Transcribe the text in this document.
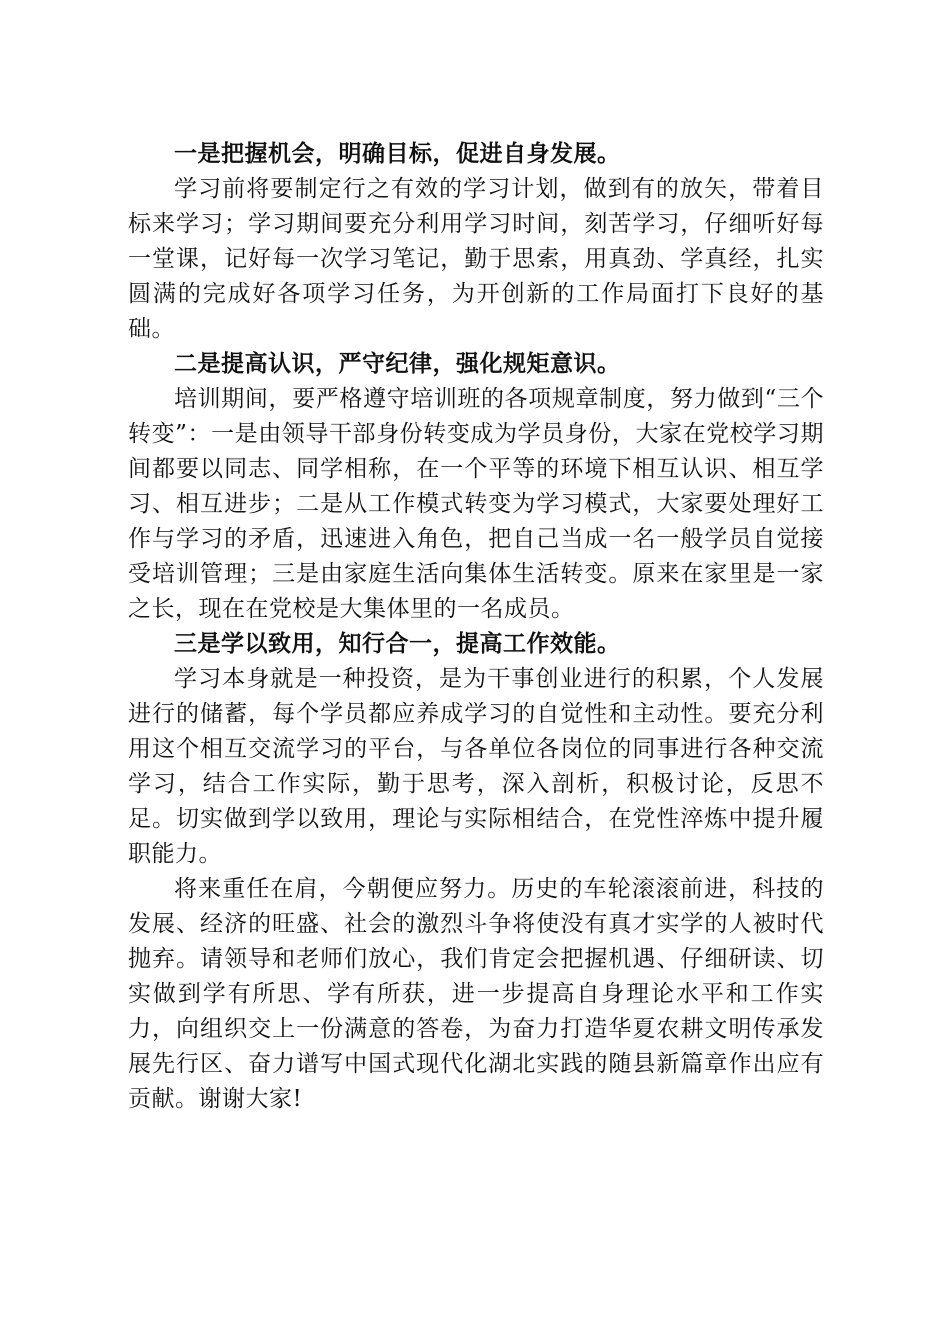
一是把握机会，明确目标，促进自身发展。

学习前将要制定行之有效的学习计划，做到有的放矢，带着目标来学习；学习期间要充分利用学习时间，刻苦学习，仔细听好每一堂课，记好每一次学习笔记，勤于思索，用真劲、学真经，扎实圆满的完成好各项学习任务，为开创新的工作局面打下良好的基础。

二是提高认识，严守纪律，强化规矩意识。

培训期间，要严格遵守培训班的各项规章制度，努力做到“三个转变”：一是由领导干部身份转变成为学员身份，大家在党校学习期间都要以同志、同学相称，在一个平等的环境下相互认识、相互学习、相互进步；二是从工作模式转变为学习模式，大家要处理好工作与学习的矛盾，迅速进入角色，把自己当成一名一般学员自觉接受培训管理；三是由家庭生活向集体生活转变。原来在家里是一家之长，现在在党校是大集体里的一名成员。

三是学以致用，知行合一，提高工作效能。

学习本身就是一种投资，是为干事创业进行的积累，个人发展进行的储蓄，每个学员都应养成学习的自觉性和主动性。要充分利用这个相互交流学习的平台，与各单位各岗位的同事进行各种交流学习，结合工作实际，勤于思考，深入剖析，积极讨论，反思不足。切实做到学以致用，理论与实际相结合，在党性淬炼中提升履职能力。

将来重任在肩，今朝便应努力。历史的车轮滚滚前进，科技的发展、经济的旺盛、社会的激烈斗争将使没有真才实学的人被时代抛弃。请领导和老师们放心，我们肯定会把握机遇、仔细研读、切实做到学有所思、学有所获，进一步提高自身理论水平和工作实力，向组织交上一份满意的答卷，为奋力打造华夏农耕文明传承发展先行区、奋力谱写中国式现代化湖北实践的随县新篇章作出应有贡献。谢谢大家!
